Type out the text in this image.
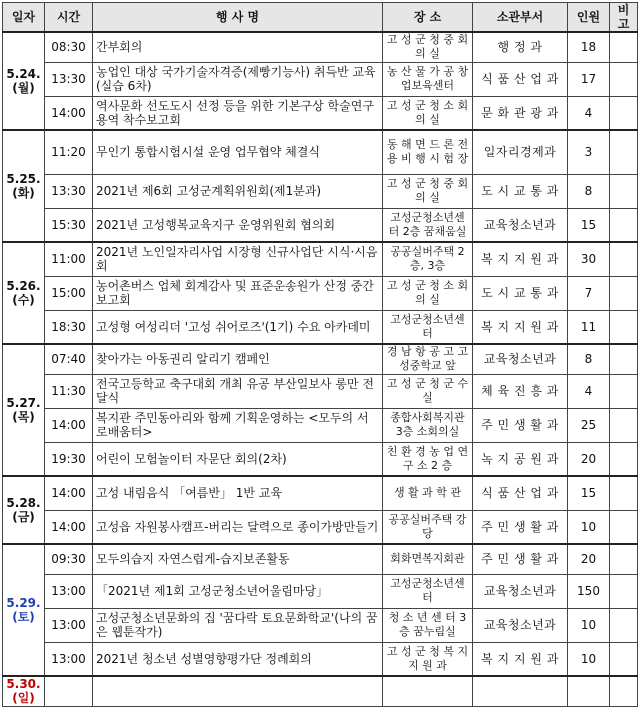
일자	시간	행 사 명	장 소	소관부서	인원	비고

5.24.
(월)	08:30	간부회의	고 성 군 청 중 회 의 실	행 정 과	18	
	13:30	농업인 대상 국가기술자격증(제빵기능사) 취득반 교육(실습 6차)	농 산 물 가 공 창업보육센터	식 품 산 업 과	17	
	14:00	역사문화 선도도시 선정 등을 위한 기본구상 학술연구용역 착수보고회	고 성 군 청 소 회 의 실	문 화 관 광 과	4	

5.25.
(화)	11:20	무인기 통합시험시설 운영 업무협약 체결식	동 해 면 드 론 전 용 비 행 시 험 장	일자리경제과	3	
	13:30	2021년 제6회 고성군계획위원회(제1분과)	고 성 군 청 중 회 의 실	도 시 교 통 과	8	
	15:30	2021년 고성행복교육지구 운영위원회 협의회	고성군청소년센터 2층 꿈채움실	교육청소년과	15	

5.26.
(수)	11:00	2021년 노인일자리사업 시장형 신규사업단 시식·시음회	공공실버주택 2층, 3층	복 지 지 원 과	30	
	15:00	농어촌버스 업체 회계감사 및 표준운송원가 산정 중간보고회	고 성 군 청 소 회 의 실	도 시 교 통 과	7	
	18:30	고성형 여성리더 '고성 쉬어로즈'(1기) 수요 아카데미	고성군청소년센터	복 지 지 원 과	11	

5.27.
(목)	07:40	찾아가는 아동권리 알리기 캠페인	경 남 항 공 고 고성중학교 앞	교육청소년과	8	
	11:30	전국고등학교 축구대회 개최 유공 부산일보사 롱만 전달식	고 성 군 청 군 수 실	체 육 진 흥 과	4	
	14:00	복지관 주민동아리와 함께 기획운영하는 <모두의 서로배움터>	종합사회복지관 3층 소회의실	주 민 생 활 과	25	
	19:30	어린이 모험놀이터 자문단 회의(2차)	친 환 경 농 업 연 구 소 2 층	녹 지 공 원 과	20	

5.28.
(금)	14:00	고성 내림음식 「여름반」 1반 교육	생 활 과 학 관	식 품 산 업 과	15	
	14:00	고성읍 자원봉사캠프-버리는 달력으로 종이가방만들기	공공실버주택 강 당	주 민 생 활 과	10	

5.29.
(토)	09:30	모두의습지 자연스럽게-습지보존활동	회화면복지회관	주 민 생 활 과	20	
	13:00	「2021년 제1회 고성군청소년어울림마당」	고성군청소년센터	교육청소년과	150	
	13:00	고성군청소년문화의 집 '꿈다락 토요문화학교'(나의 꿈은 웹툰작가)	청 소 년 센 터 3층 꿈누림실	교육청소년과	10	
	13:00	2021년 청소년 성별영향평가단 정례회의	고 성 군 청 복 지 지 원 과	복 지 지 원 과	10	

5.30.
(일)						
